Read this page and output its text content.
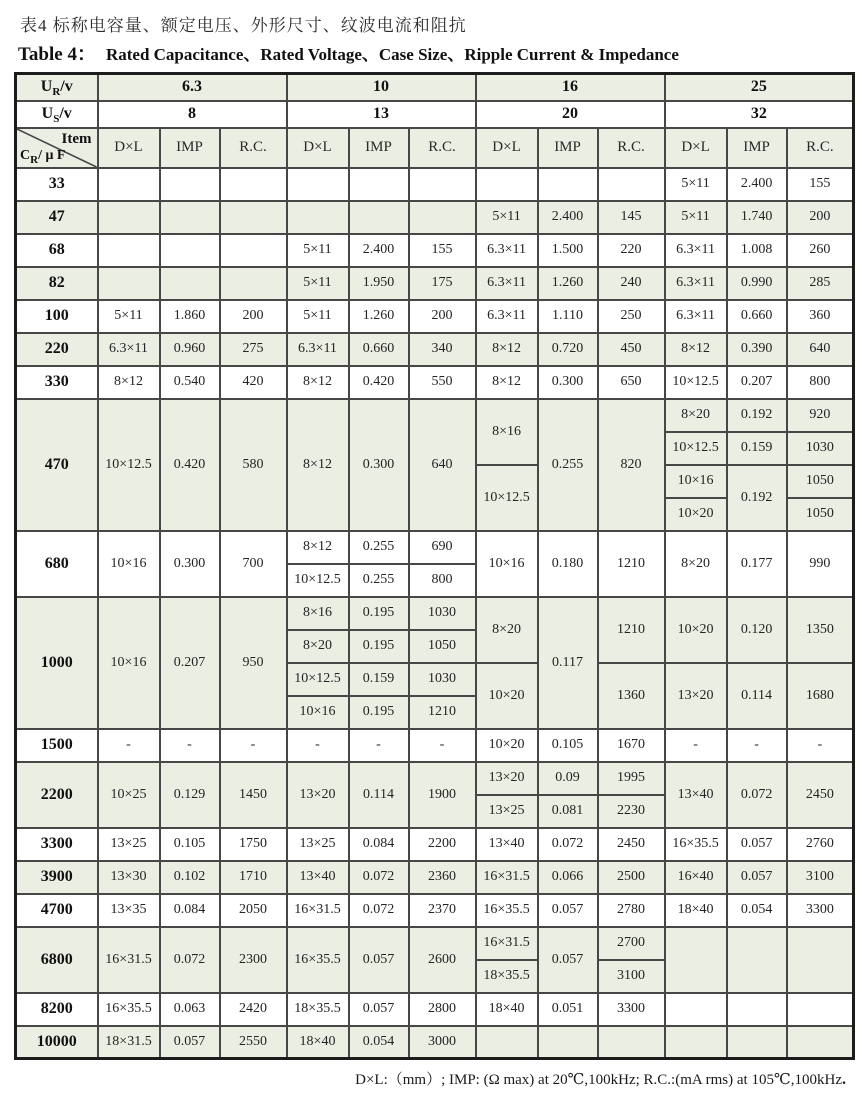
表4 标称电容量、额定电压、外形尺寸、纹波电流和阻抗
Table 4： Rated Capacitance、Rated Voltage、Case Size、Ripple Current & Impedance
$U_R/v$	6.3			10			16			25		
$U_S/v$	8			13			20			32		

Item
$C_R/$ μ F	D×L	IMP	R.C.	D×L	IMP	R.C.	D×L	IMP	R.C.	D×L	IMP	R.C.
33										5×11	2.400	155
47							5×11	2.400	145	5×11	1.740	200
68				5×11	2.400	155	6.3×11	1.500	220	6.3×11	1.008	260
82				5×11	1.950	175	6.3×11	1.260	240	6.3×11	0.990	285
100	5×11	1.860	200	5×11	1.260	200	6.3×11	1.110	250	6.3×11	0.660	360
220	6.3×11	0.960	275	6.3×11	0.660	340	8×12	0.720	450	8×12	0.390	640
330	8×12	0.540	420	8×12	0.420	550	8×12	0.300	650	10×12.5	0.207	800
470	10×12.5	0.420	580	8×12	0.300	640	8×16	0.255	820	8×20	0.192	920
										10×12.5	0.159	1030
							10×12.5			10×16	0.192	1050
										10×20		1050
680	10×16	0.300	700	8×12	0.255	690	10×16	0.180	1210	8×20	0.177	990
				10×12.5	0.255	800						
1000	10×16	0.207	950	8×16	0.195	1030	8×20	0.117	1210	10×20	0.120	1350
				8×20	0.195	1050						
				10×12.5	0.159	1030	10×20		1360	13×20	0.114	1680
				10×16	0.195	1210						
1500	-	-	-	-	-	-	10×20	0.105	1670	-	-	-
2200	10×25	0.129	1450	13×20	0.114	1900	13×20	0.09	1995	13×40	0.072	2450
							13×25	0.081	2230			
3300	13×25	0.105	1750	13×25	0.084	2200	13×40	0.072	2450	16×35.5	0.057	2760
3900	13×30	0.102	1710	13×40	0.072	2360	16×31.5	0.066	2500	16×40	0.057	3100
4700	13×35	0.084	2050	16×31.5	0.072	2370	16×35.5	0.057	2780	18×40	0.054	3300
6800	16×31.5	0.072	2300	16×35.5	0.057	2600	16×31.5	0.057	2700			
							18×35.5		3100			
8200	16×35.5	0.063	2420	18×35.5	0.057	2800	18×40	0.051	3300			
10000	18×31.5	0.057	2550	18×40	0.054	3000						
D×L:（mm）; IMP: (Ω max) at 20℃,100kHz; R.C.:(mA rms) at 105℃,100kHz.
